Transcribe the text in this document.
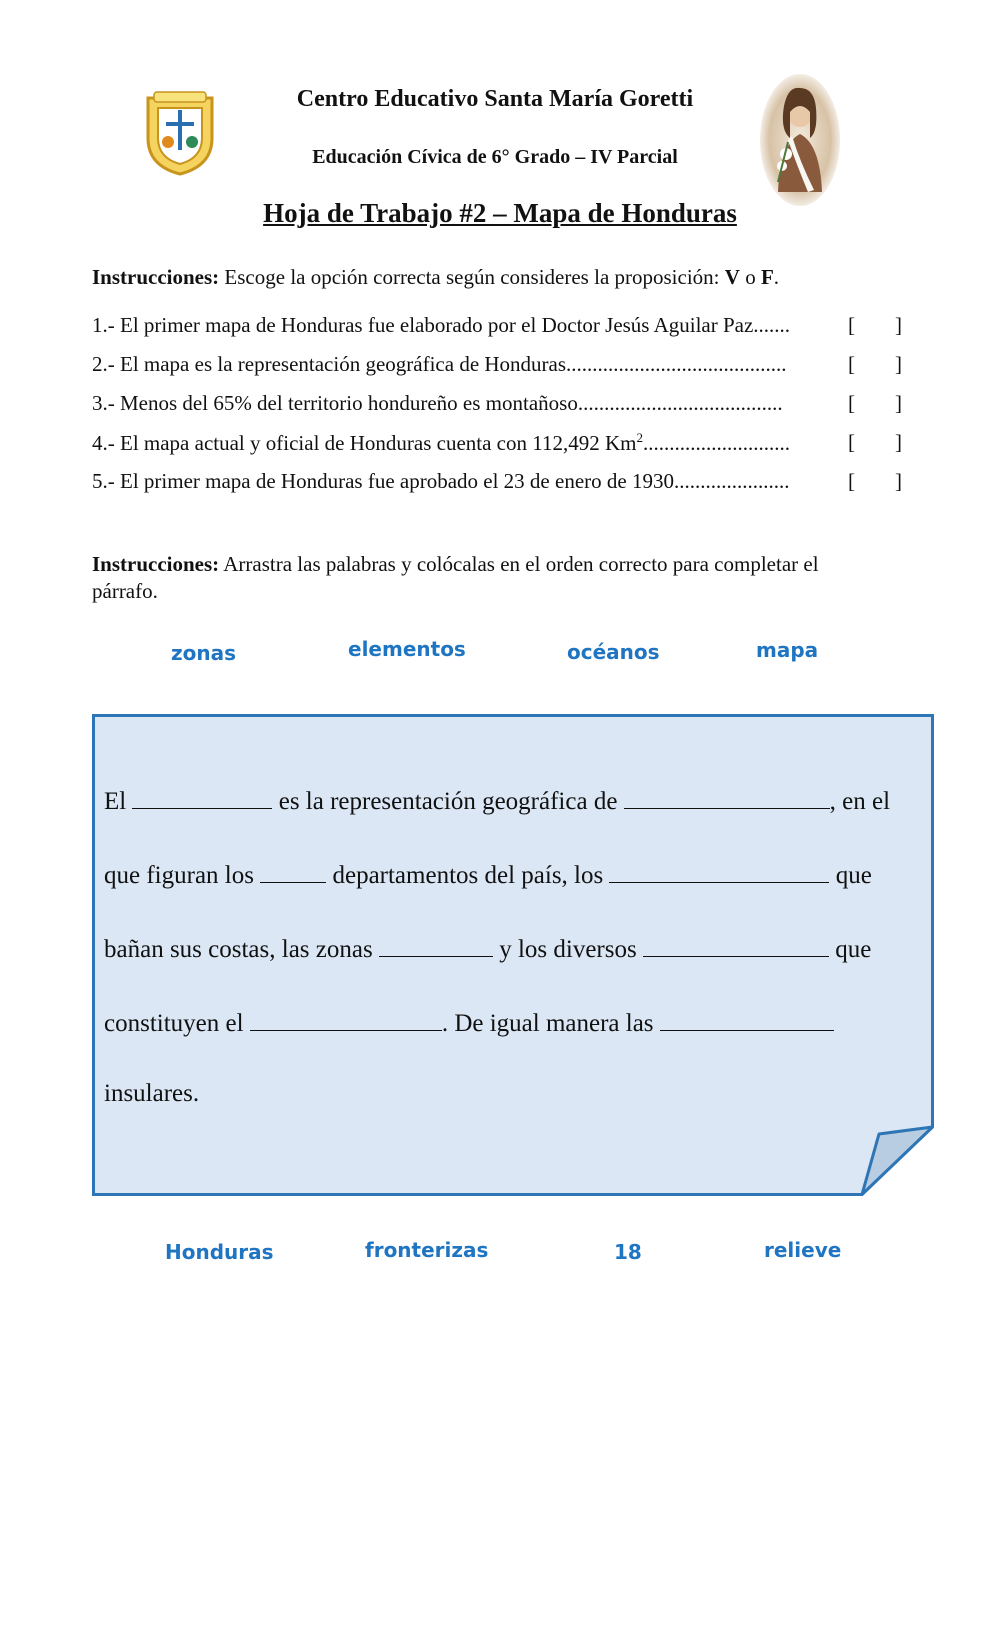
Centro Educativo Santa María Goretti
Educación Cívica de 6° Grado – IV Parcial
Hoja de Trabajo #2 – Mapa de Honduras
Instrucciones: Escoge la opción correcta según consideres la proposición: V o F.
1.- El primer mapa de Honduras fue elaborado por el Doctor Jesús Aguilar Paz.......	[ ]
2.- El mapa es la representación geográfica de Honduras..........................................	[ ]
3.- Menos del 65% del territorio hondureño es montañoso.......................................	[ ]
4.- El mapa actual y oficial de Honduras cuenta con 112,492 Km$^2$............................	[ ]
5.- El primer mapa de Honduras fue aprobado el 23 de enero de 1930......................	[ ]
Instrucciones: Arrastra las palabras y colócalas en el orden correcto para completar el
párrafo.
zonas	elementos	océanos	mapa
El	es la representación geográfica de	, en el
que figuran los	departamentos del país, los	que
bañan sus costas, las zonas	y los diversos	que
constituyen el	. De igual manera las
insulares.
Honduras	fronterizas	18	relieve
